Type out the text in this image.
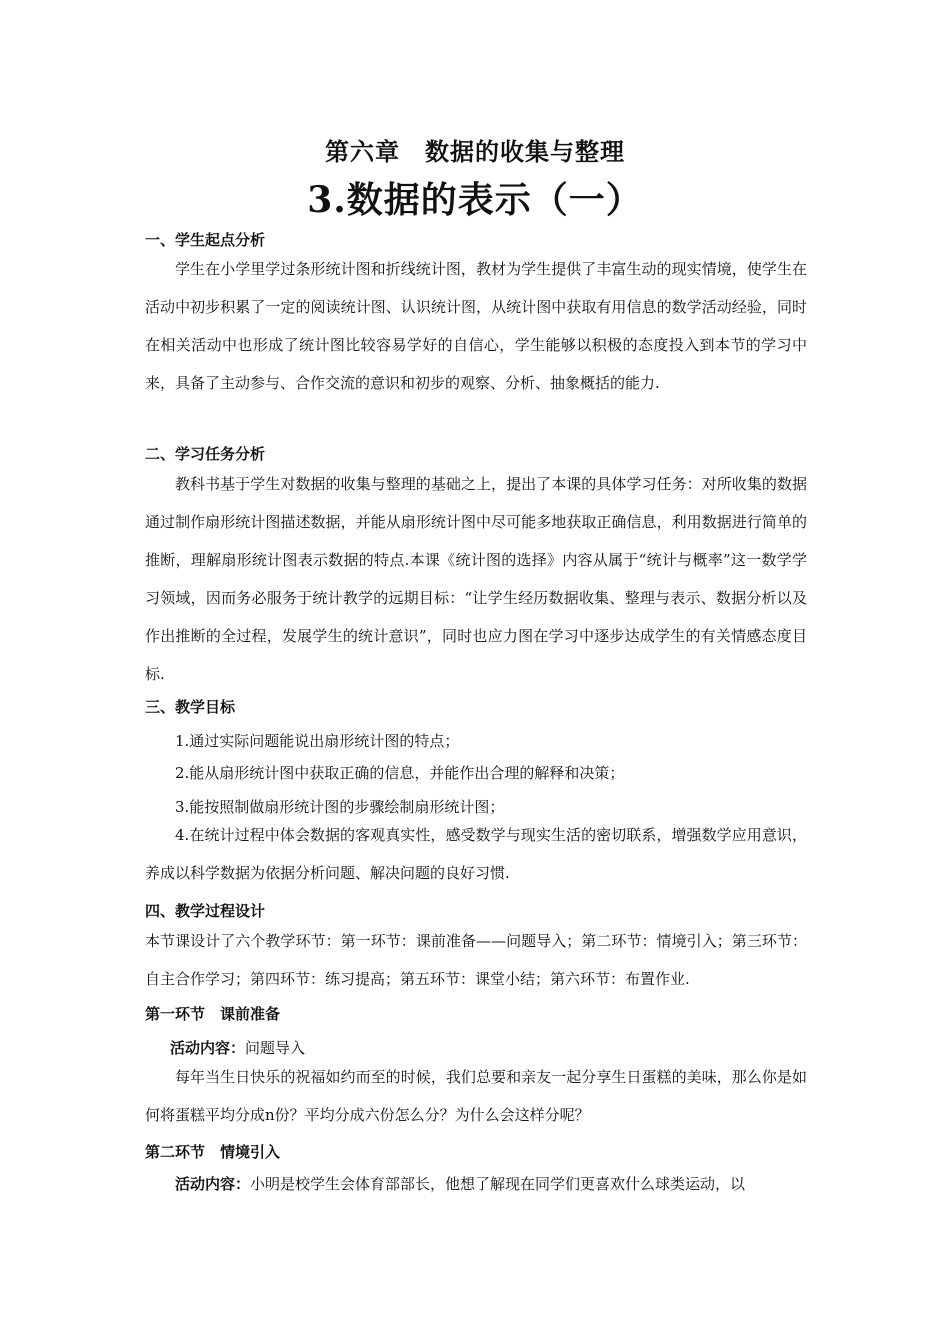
第六章　数据的收集与整理
3.数据的表示（一）
一、学生起点分析

学生在小学里学过条形统计图和折线统计图，教材为学生提供了丰富生动的现实情境，使学生在活动中初步积累了一定的阅读统计图、认识统计图，从统计图中获取有用信息的数学活动经验，同时在相关活动中也形成了统计图比较容易学好的自信心，学生能够以积极的态度投入到本节的学习中来，具备了主动参与、合作交流的意识和初步的观察、分析、抽象概括的能力.

二、学习任务分析

教科书基于学生对数据的收集与整理的基础之上，提出了本课的具体学习任务：对所收集的数据通过制作扇形统计图描述数据，并能从扇形统计图中尽可能多地获取正确信息，利用数据进行简单的推断，理解扇形统计图表示数据的特点.本课《统计图的选择》内容从属于“统计与概率”这一数学学习领域，因而务必服务于统计教学的远期目标：“让学生经历数据收集、整理与表示、数据分析以及作出推断的全过程，发展学生的统计意识”，同时也应力图在学习中逐步达成学生的有关情感态度目标.

三、教学目标
1.通过实际问题能说出扇形统计图的特点；
2.能从扇形统计图中获取正确的信息，并能作出合理的解释和决策；
3.能按照制做扇形统计图的步骤绘制扇形统计图；

4.在统计过程中体会数据的客观真实性，感受数学与现实生活的密切联系，增强数学应用意识，养成以科学数据为依据分析问题、解决问题的良好习惯.

四、教学过程设计

本节课设计了六个教学环节：第一环节：课前准备——问题导入；第二环节：情境引入；第三环节：自主合作学习；第四环节：练习提高；第五环节：课堂小结；第六环节：布置作业.

第一环节　课前准备
活动内容：问题导入

每年当生日快乐的祝福如约而至的时候，我们总要和亲友一起分享生日蛋糕的美味，那么你是如何将蛋糕平均分成n份？平均分成六份怎么分？为什么会这样分呢？

第二环节　情境引入
活动内容：小明是校学生会体育部部长，他想了解现在同学们更喜欢什么球类运动，以
